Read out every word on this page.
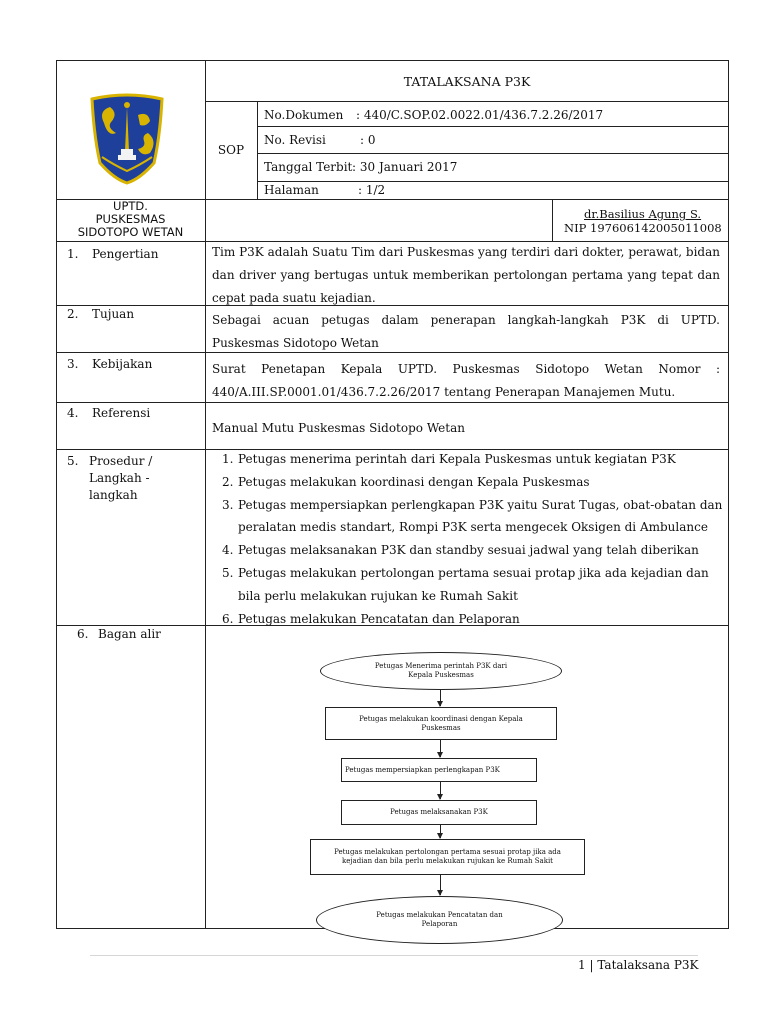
TATALAKSANA P3K
SOP
No.Dokumen : 440/C.SOP.02.0022.01/436.7.2.26/2017
No. Revisi	: 0
Tanggal Terbit : 30 Januari 2017
Halaman	: 1/2
UPTD.
PUSKESMAS
SIDOTOPO WETAN
dr.Basilius Agung S.
NIP 197606142005011008
1. Pengertian
2. Tujuan
3. Kebijakan
4. Referensi
5. Prosedur /
Langkah -
langkah
6. Bagan alir
Tim P3K adalah Suatu Tim dari Puskesmas yang terdiri dari dokter, perawat, bidan dan driver yang bertugas untuk memberikan pertolongan pertama yang tepat dan cepat pada suatu kejadian.
Sebagai acuan petugas dalam penerapan langkah-langkah P3K di UPTD. Puskesmas Sidotopo Wetan
Surat Penetapan Kepala UPTD. Puskesmas Sidotopo Wetan Nomor : 440/A.III.SP.0001.01/436.7.2.26/2017 tentang Penerapan Manajemen Mutu.
Manual Mutu Puskesmas Sidotopo Wetan
1. Petugas menerima perintah dari Kepala Puskesmas untuk kegiatan P3K
2. Petugas melakukan koordinasi dengan Kepala Puskesmas
3. Petugas mempersiapkan perlengkapan P3K yaitu Surat Tugas, obat-obatan dan
peralatan medis standart, Rompi P3K serta mengecek Oksigen di Ambulance
4. Petugas melaksanakan P3K dan standby sesuai jadwal yang telah diberikan
5. Petugas melakukan pertolongan pertama sesuai protap jika ada kejadian dan
bila perlu melakukan rujukan ke Rumah Sakit
6. Petugas melakukan Pencatatan dan Pelaporan
Petugas Menerima perintah P3K dari
Kepala Puskesmas
Petugas melakukan koordinasi dengan Kepala
Puskesmas
Petugas mempersiapkan perlengkapan P3K
Petugas melaksanakan P3K
Petugas melakukan pertolongan pertama sesuai protap jika ada
kejadian dan bila perlu melakukan rujukan ke Rumah Sakit
Petugas melakukan Pencatatan dan
Pelaporan
1 | Tatalaksana P3K
